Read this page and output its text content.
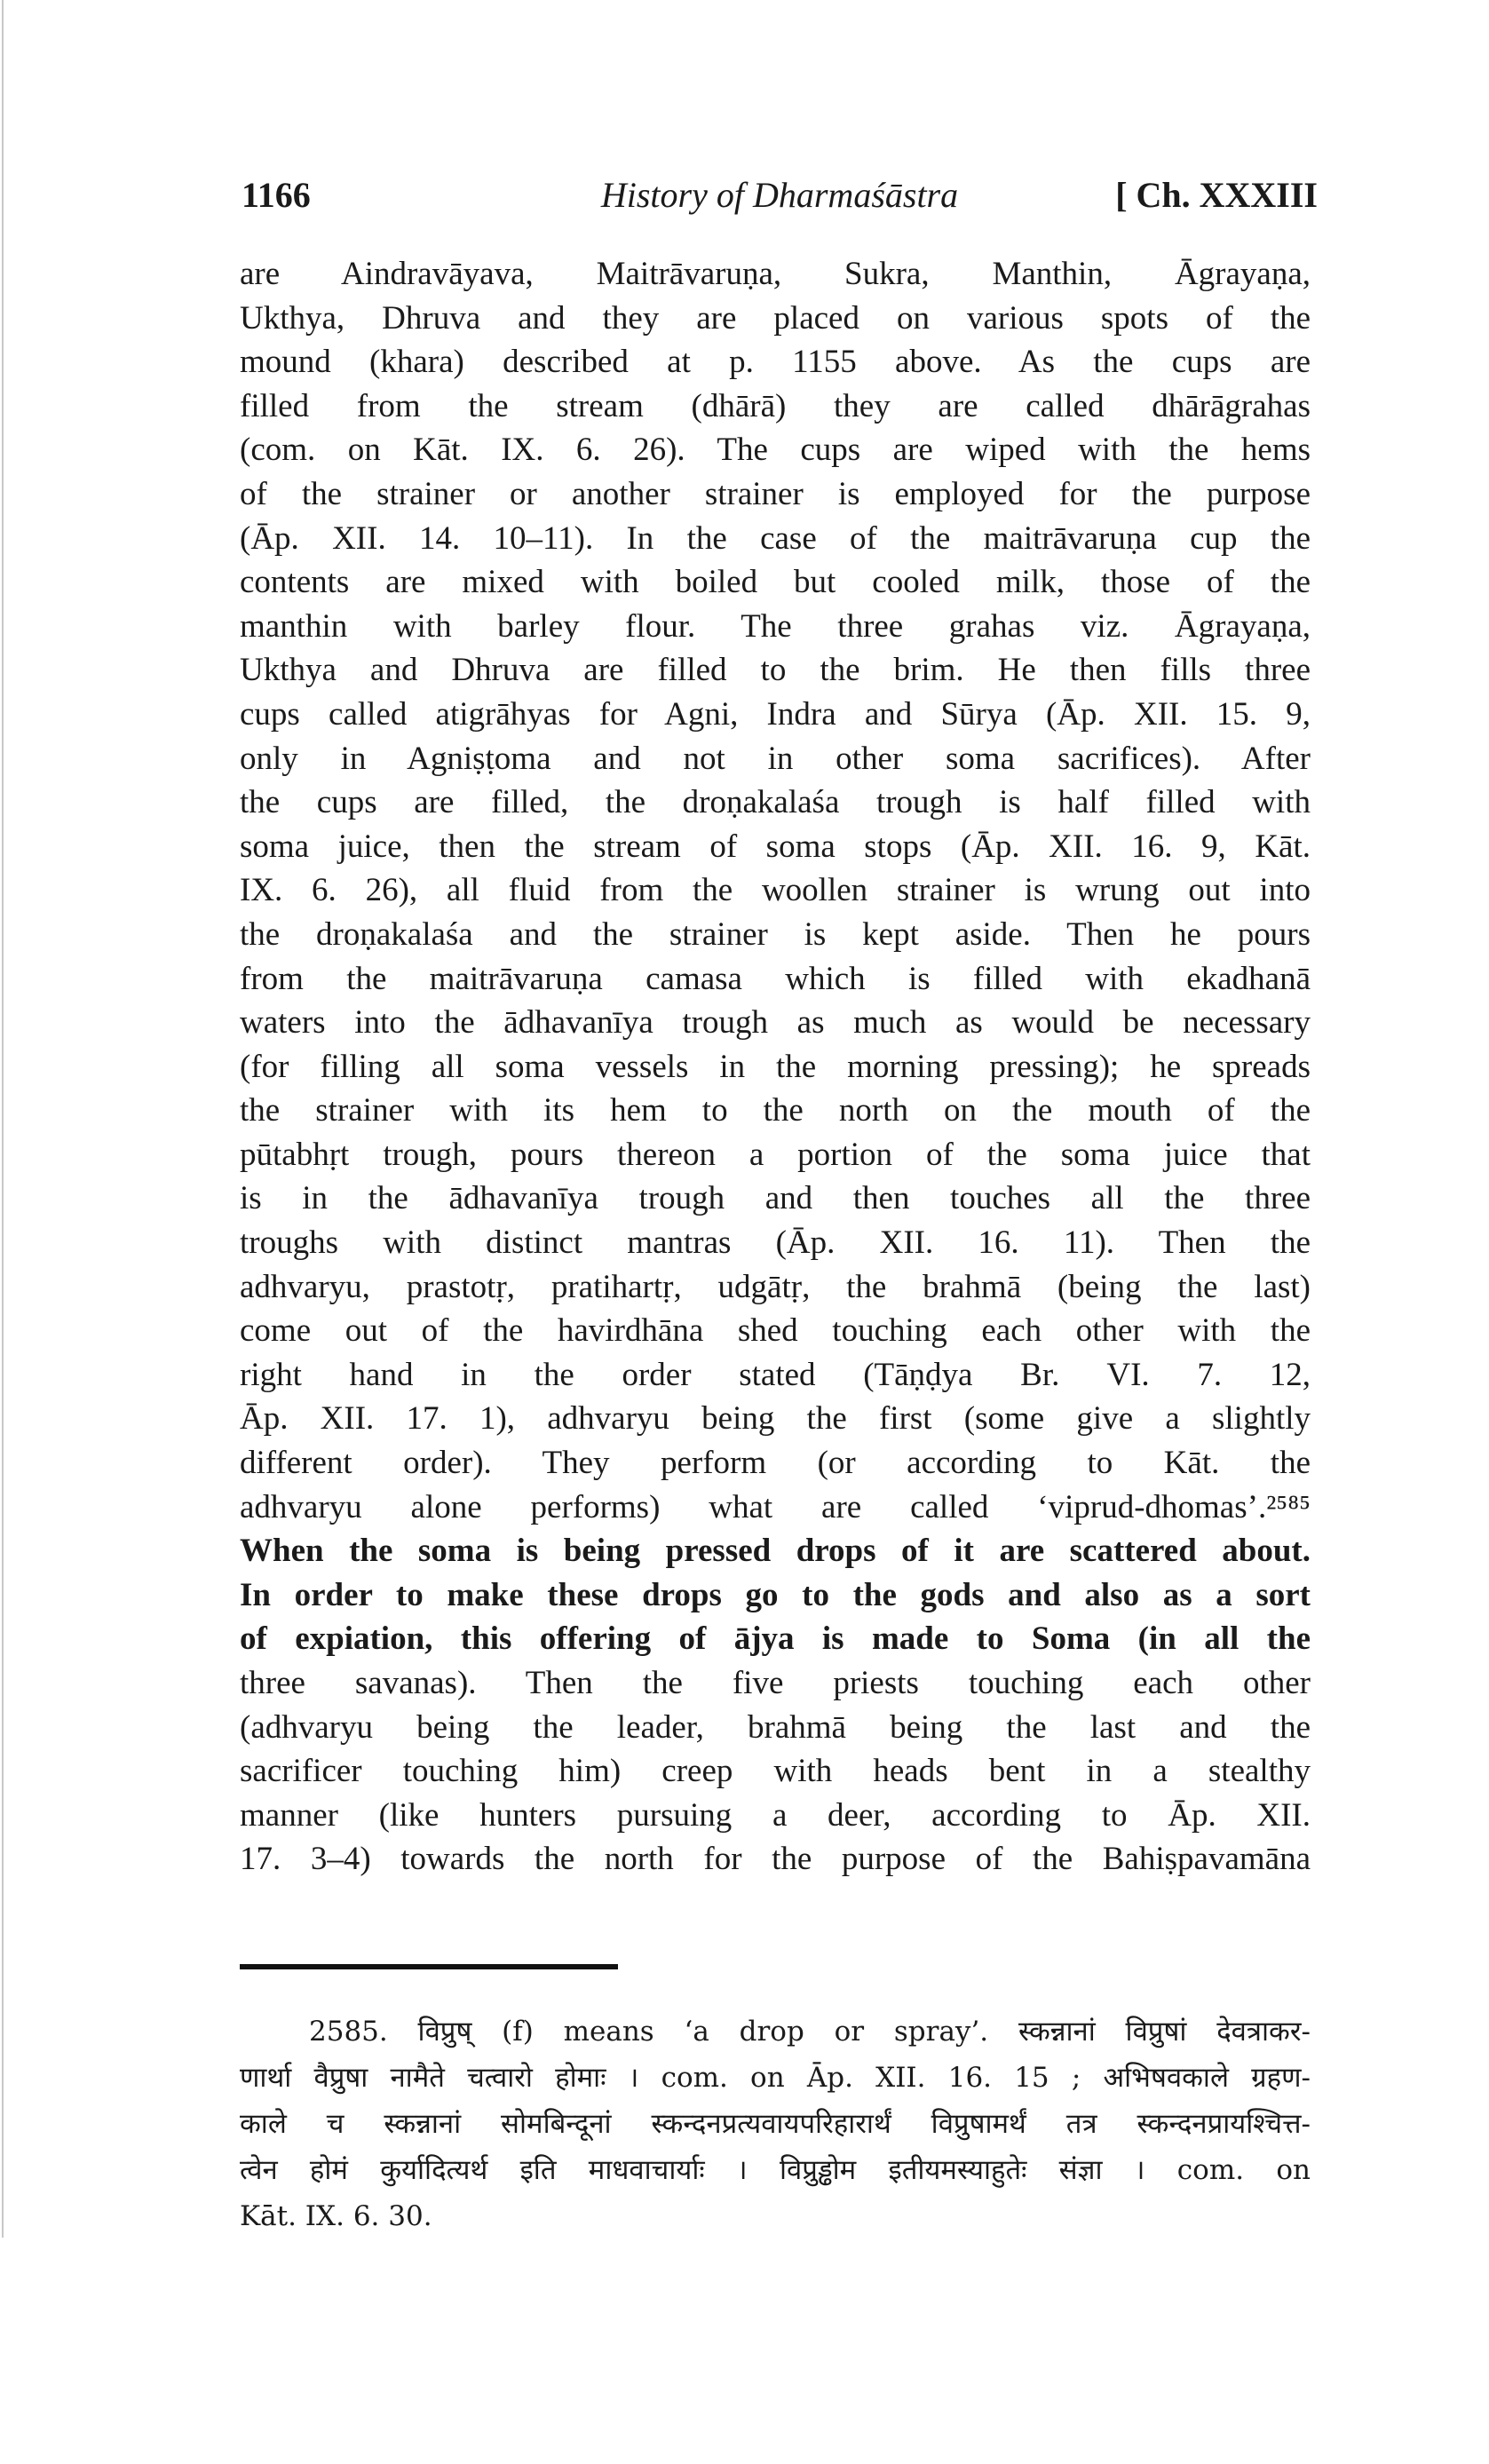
History of Dharmaśāstra
1166	[ Ch. XXXIII
are Aindravāyava, Maitrāvaruṇa, Sukra, Manthin, Āgrayaṇa,
Ukthya, Dhruva and they are placed on various spots of the
mound (khara) described at p. 1155 above. As the cups are
filled from the stream (dhārā) they are called dhārāgrahas
(com. on Kāt. IX. 6. 26). The cups are wiped with the hems
of the strainer or another strainer is employed for the purpose
(Āp. XII. 14. 10–11). In the case of the maitrāvaruṇa cup the
contents are mixed with boiled but cooled milk, those of the
manthin with barley flour. The three grahas viz. Āgrayaṇa,
Ukthya and Dhruva are filled to the brim. He then fills three
cups called atigrāhyas for Agni, Indra and Sūrya (Āp. XII. 15. 9,
only in Agniṣṭoma and not in other soma sacrifices). After
the cups are filled, the droṇakalaśa trough is half filled with
soma juice, then the stream of soma stops (Āp. XII. 16. 9, Kāt.
IX. 6. 26), all fluid from the woollen strainer is wrung out into
the droṇakalaśa and the strainer is kept aside. Then he pours
from the maitrāvaruṇa camasa which is filled with ekadhanā
waters into the ādhavanīya trough as much as would be necessary
(for filling all soma vessels in the morning pressing); he spreads
the strainer with its hem to the north on the mouth of the
pūtabhṛt trough, pours thereon a portion of the soma juice that
is in the ādhavanīya trough and then touches all the three
troughs with distinct mantras (Āp. XII. 16. 11). Then the
adhvaryu, prastotṛ, pratihartṛ, udgātṛ, the brahmā (being the last)
come out of the havirdhāna shed touching each other with the
right hand in the order stated (Tāṇḍya Br. VI. 7. 12,
Āp. XII. 17. 1), adhvaryu being the first (some give a slightly
different order). They perform (or according to Kāt. the
adhvaryu alone performs) what are called ‘viprud-dhomas’.²⁵⁸⁵
When the soma is being pressed drops of it are scattered about.
In order to make these drops go to the gods and also as a sort
of expiation, this offering of ājya is made to Soma (in all the
three savanas). Then the five priests touching each other
(adhvaryu being the leader, brahmā being the last and the
sacrificer touching him) creep with heads bent in a stealthy
manner (like hunters pursuing a deer, according to Āp. XII.
17. 3–4) towards the north for the purpose of the Bahiṣpavamāna
2585. विप्रुष् (f) means ‘a drop or spray’. स्कन्नानां विप्रुषां देवत्राकर-
णार्था वैप्रुषा नामैते चत्वारो होमाः । com. on Āp. XII. 16. 15 ; अभिषवकाले ग्रहण-
काले च स्कन्नानां सोमबिन्दूनां स्कन्दनप्रत्यवायपरिहारार्थं विप्रुषामर्थं तत्र स्कन्दनप्रायश्चित्त-
त्वेन होमं कुर्यादित्यर्थ इति माधवाचार्याः । विप्रुड्ढोम इतीयमस्याहुतेः संज्ञा । com. on
Kāt. IX. 6. 30.
